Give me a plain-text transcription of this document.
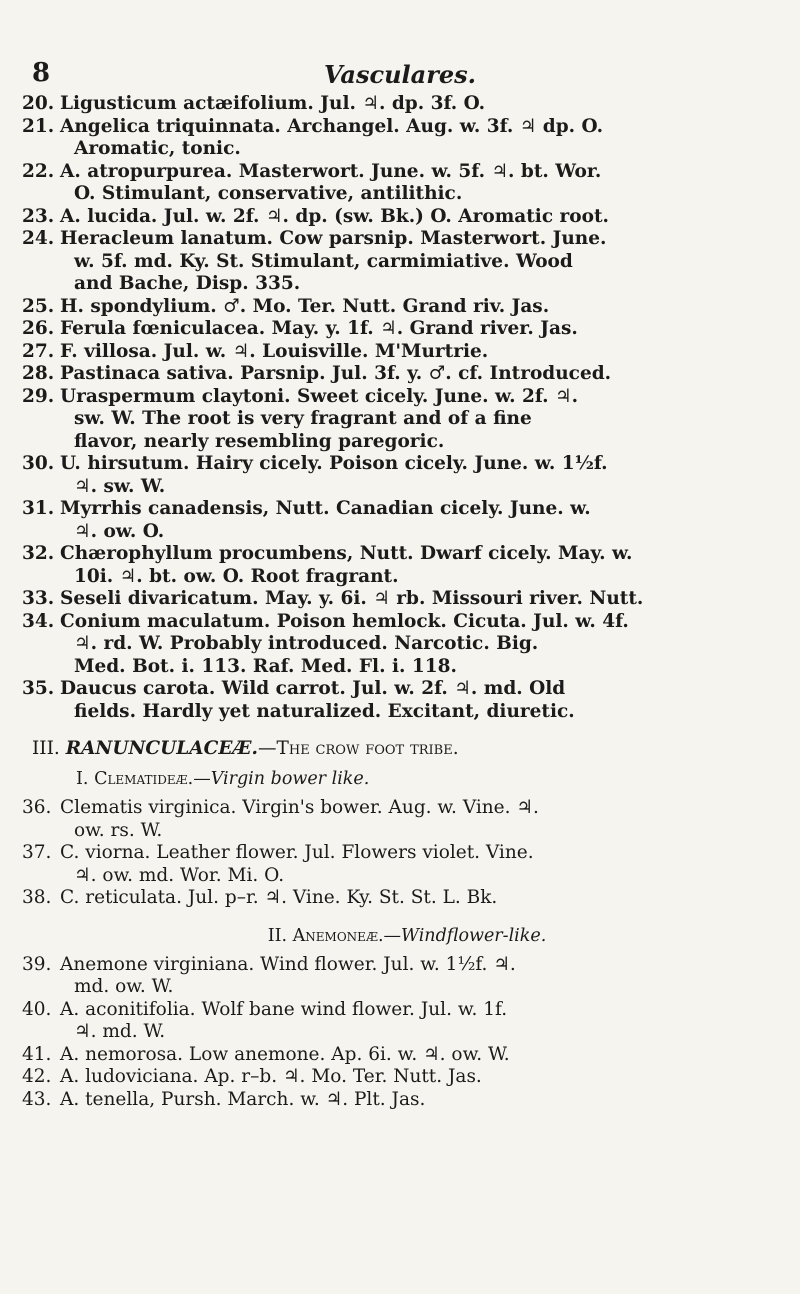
8	Vasculares.
20. Ligusticum actæifolium. Jul. ♃. dp. 3f. O.
21. Angelica triquinnata. Archangel. Aug. w. 3f. ♃ dp. O.
Aromatic, tonic.
22. A. atropurpurea. Masterwort. June. w. 5f. ♃. bt. Wor.
O. Stimulant, conservative, antilithic.
23. A. lucida. Jul. w. 2f. ♃. dp. (sw. Bk.) O. Aromatic root.
24. Heracleum lanatum. Cow parsnip. Masterwort. June.
w. 5f. md. Ky. St. Stimulant, carmimiative. Wood
and Bache, Disp. 335.
25. H. spondylium. ♂. Mo. Ter. Nutt. Grand riv. Jas.
26. Ferula fœniculacea. May. y. 1f. ♃. Grand river. Jas.
27. F. villosa. Jul. w. ♃. Louisville. M'Murtrie.
28. Pastinaca sativa. Parsnip. Jul. 3f. y. ♂. cf. Introduced.
29. Uraspermum claytoni. Sweet cicely. June. w. 2f. ♃.
sw. W. The root is very fragrant and of a fine
flavor, nearly resembling paregoric.
30. U. hirsutum. Hairy cicely. Poison cicely. June. w. 1½f.
♃. sw. W.
31. Myrrhis canadensis, Nutt. Canadian cicely. June. w.
♃. ow. O.
32. Chærophyllum procumbens, Nutt. Dwarf cicely. May. w.
10i. ♃. bt. ow. O. Root fragrant.
33. Seseli divaricatum. May. y. 6i. ♃ rb. Missouri river. Nutt.
34. Conium maculatum. Poison hemlock. Cicuta. Jul. w. 4f.
♃. rd. W. Probably introduced. Narcotic. Big.
Med. Bot. i. 113. Raf. Med. Fl. i. 118.
35. Daucus carota. Wild carrot. Jul. w. 2f. ♃. md. Old
fields. Hardly yet naturalized. Excitant, diuretic.
III. RANUNCULACEÆ.—The crow foot tribe.
I. Clematideæ.—Virgin bower like.
36. Clematis virginica. Virgin's bower. Aug. w. Vine. ♃.
ow. rs. W.
37. C. viorna. Leather flower. Jul. Flowers violet. Vine.
♃. ow. md. Wor. Mi. O.
38. C. reticulata. Jul. p–r. ♃. Vine. Ky. St. St. L. Bk.
II. Anemoneæ.—Windflower-like.
39. Anemone virginiana. Wind flower. Jul. w. 1½f. ♃.
md. ow. W.
40. A. aconitifolia. Wolf bane wind flower. Jul. w. 1f.
♃. md. W.
41. A. nemorosa. Low anemone. Ap. 6i. w. ♃. ow. W.
42. A. ludoviciana. Ap. r–b. ♃. Mo. Ter. Nutt. Jas.
43. A. tenella, Pursh. March. w. ♃. Plt. Jas.
